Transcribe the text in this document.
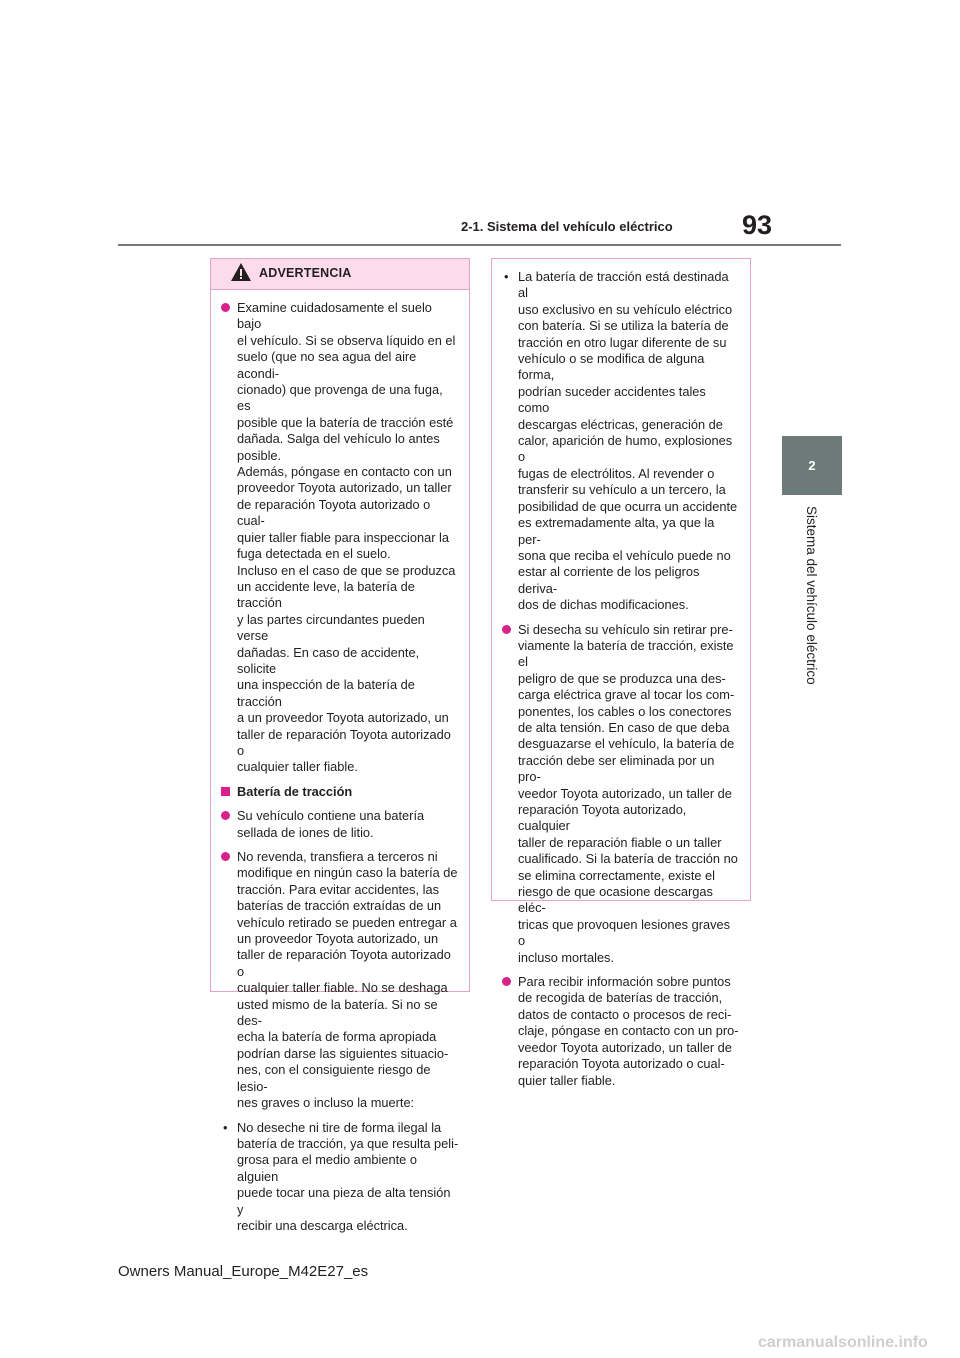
93
2-1. Sistema del vehículo eléctrico
2
Sistema del vehículo eléctrico
ADVERTENCIA

Examine cuidadosamente el suelo bajo

el vehículo. Si se observa líquido en el

suelo (que no sea agua del aire acondi-

cionado) que provenga de una fuga, es

posible que la batería de tracción esté

dañada. Salga del vehículo lo antes

posible.

Además, póngase en contacto con un

proveedor Toyota autorizado, un taller

de reparación Toyota autorizado o cual-

quier taller fiable para inspeccionar la

fuga detectada en el suelo.

Incluso en el caso de que se produzca

un accidente leve, la batería de tracción

y las partes circundantes pueden verse

dañadas. En caso de accidente, solicite

una inspección de la batería de tracción

a un proveedor Toyota autorizado, un

taller de reparación Toyota autorizado o

cualquier taller fiable.

Batería de tracción

Su vehículo contiene una batería

sellada de iones de litio.

No revenda, transfiera a terceros ni

modifique en ningún caso la batería de

tracción. Para evitar accidentes, las

baterías de tracción extraídas de un

vehículo retirado se pueden entregar a

un proveedor Toyota autorizado, un

taller de reparación Toyota autorizado o

cualquier taller fiable. No se deshaga

usted mismo de la batería. Si no se des-

echa la batería de forma apropiada

podrían darse las siguientes situacio-

nes, con el consiguiente riesgo de lesio-

nes graves o incluso la muerte:

• No deseche ni tire de forma ilegal la

batería de tracción, ya que resulta peli-

grosa para el medio ambiente o alguien

puede tocar una pieza de alta tensión y

recibir una descarga eléctrica.

• La batería de tracción está destinada al

uso exclusivo en su vehículo eléctrico

con batería. Si se utiliza la batería de

tracción en otro lugar diferente de su

vehículo o se modifica de alguna forma,

podrían suceder accidentes tales como

descargas eléctricas, generación de

calor, aparición de humo, explosiones o

fugas de electrólitos. Al revender o

transferir su vehículo a un tercero, la

posibilidad de que ocurra un accidente

es extremadamente alta, ya que la per-

sona que reciba el vehículo puede no

estar al corriente de los peligros deriva-

dos de dichas modificaciones.

Si desecha su vehículo sin retirar pre-

viamente la batería de tracción, existe el

peligro de que se produzca una des-

carga eléctrica grave al tocar los com-

ponentes, los cables o los conectores

de alta tensión. En caso de que deba

desguazarse el vehículo, la batería de

tracción debe ser eliminada por un pro-

veedor Toyota autorizado, un taller de

reparación Toyota autorizado, cualquier

taller de reparación fiable o un taller

cualificado. Si la batería de tracción no

se elimina correctamente, existe el

riesgo de que ocasione descargas eléc-

tricas que provoquen lesiones graves o

incluso mortales.

Para recibir información sobre puntos

de recogida de baterías de tracción,

datos de contacto o procesos de reci-

claje, póngase en contacto con un pro-

veedor Toyota autorizado, un taller de

reparación Toyota autorizado o cual-

quier taller fiable.

Owners Manual_Europe_M42E27_es
carmanualsonline.info
